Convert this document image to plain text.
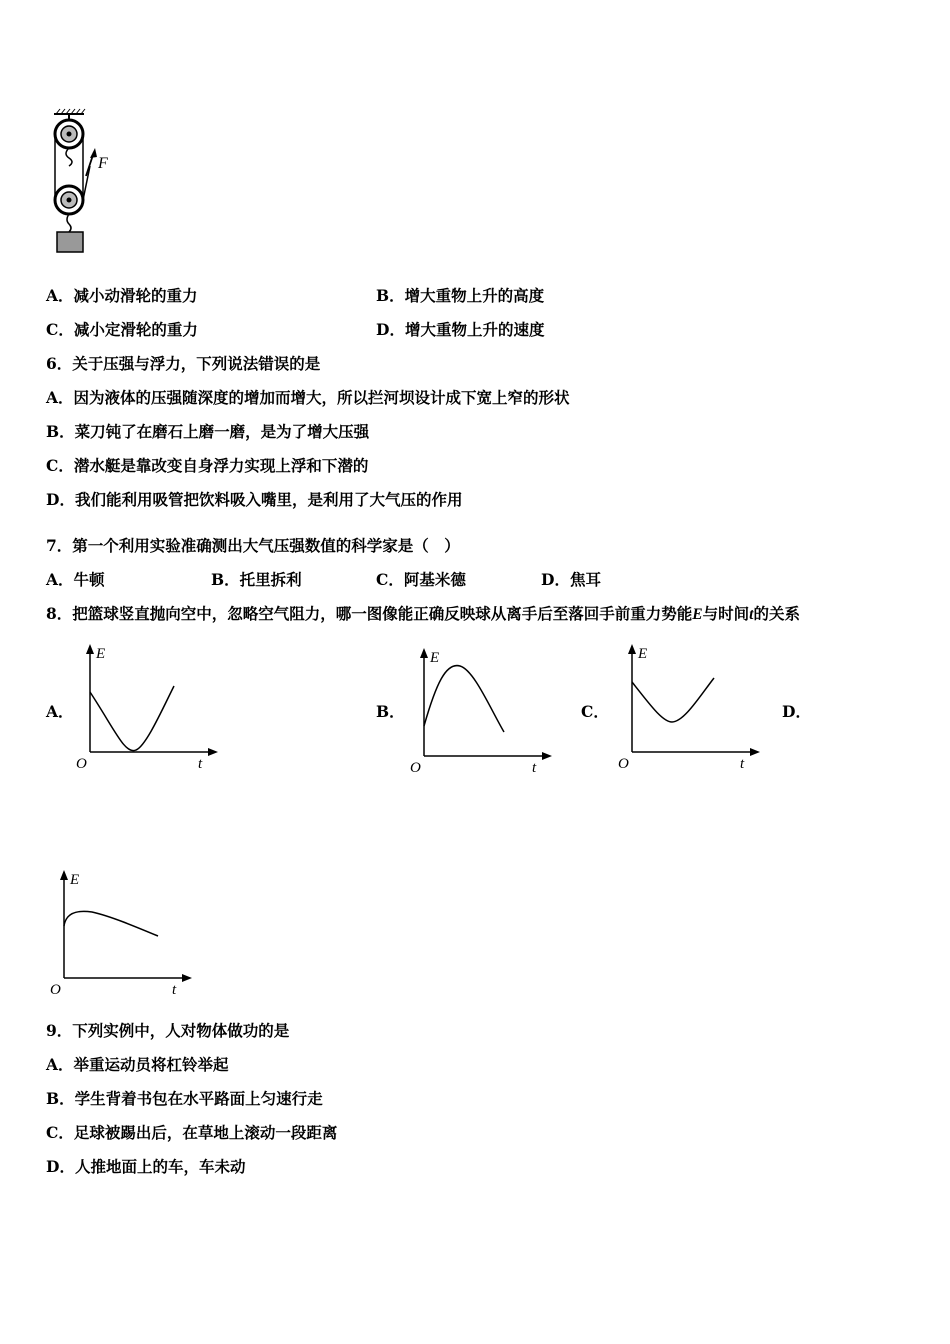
F
A．减小动滑轮的重力	B．增大重物上升的高度
C．减小定滑轮的重力	D．增大重物上升的速度
6．关于压强与浮力，下列说法错误的是
A．因为液体的压强随深度的增加而增大，所以拦河坝设计成下宽上窄的形状
B．菜刀钝了在磨石上磨一磨，是为了增大压强
C．潜水艇是靠改变自身浮力实现上浮和下潜的
D．我们能利用吸管把饮料吸入嘴里，是利用了大气压的作用
7．第一个利用实验准确测出大气压强数值的科学家是（　）
A．牛顿	B．托里拆利	C．阿基米德	D．焦耳
8．把篮球竖直抛向空中，忽略空气阻力，哪一图像能正确反映球从离手后至落回手前重力势能E与时间t的关系
A．	B．	C．	D．
E
O	t
E
O	t
E
O	t
E
O	t
9．下列实例中，人对物体做功的是
A．举重运动员将杠铃举起
B．学生背着书包在水平路面上匀速行走
C．足球被踢出后，在草地上滚动一段距离
D．人推地面上的车，车未动
